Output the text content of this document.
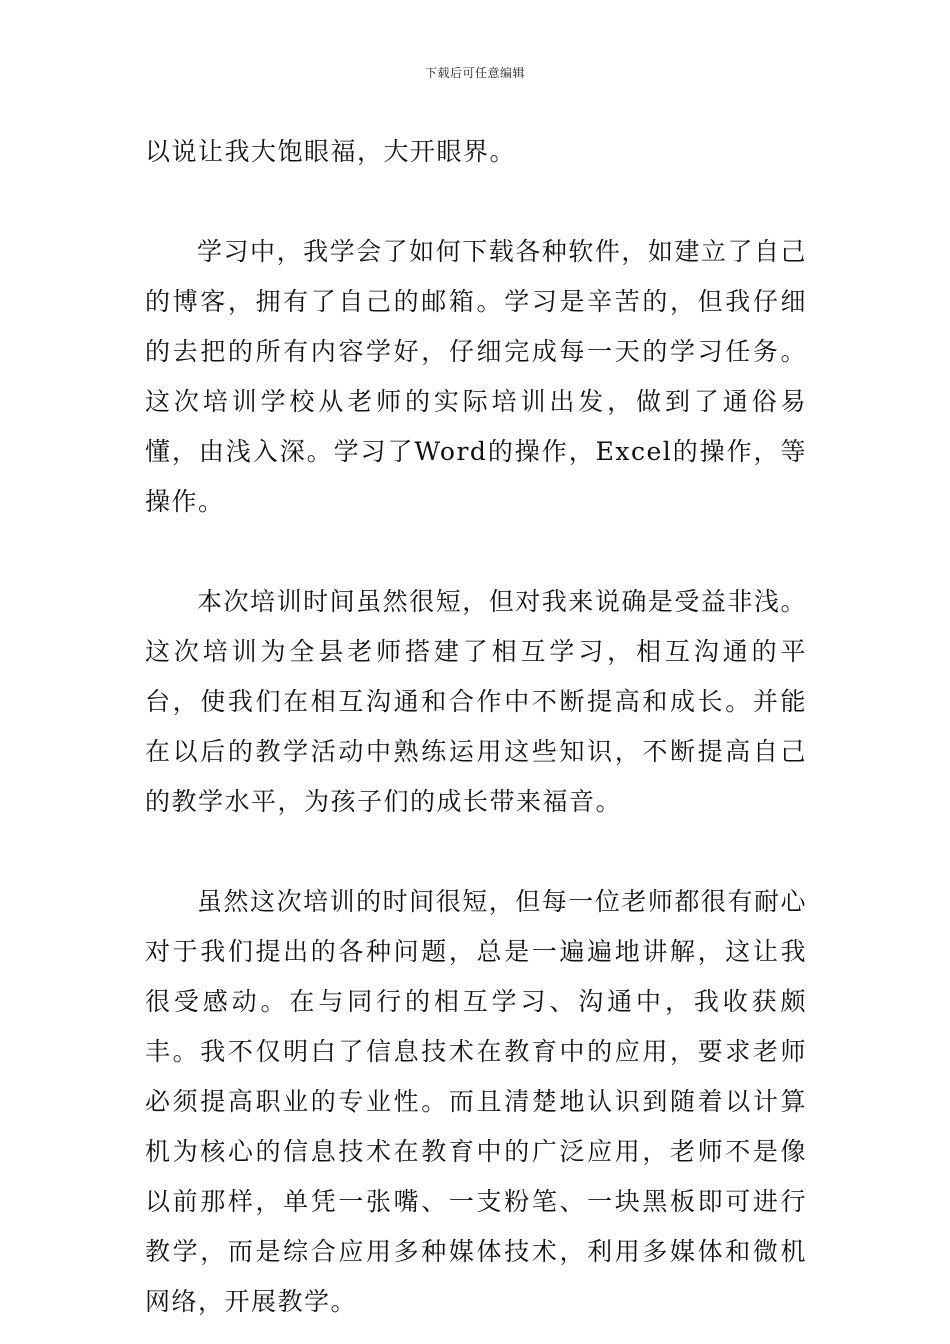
下载后可任意编辑

以说让我大饱眼福，大开眼界。

学习中，我学会了如何下载各种软件，如建立了自己的博客，拥有了自己的邮箱。学习是辛苦的，但我仔细的去把的所有内容学好，仔细完成每一天的学习任务。这次培训学校从老师的实际培训出发，做到了通俗易懂，由浅入深。学习了Word的操作，Excel的操作，等操作。

本次培训时间虽然很短，但对我来说确是受益非浅。这次培训为全县老师搭建了相互学习，相互沟通的平台，使我们在相互沟通和合作中不断提高和成长。并能在以后的教学活动中熟练运用这些知识，不断提高自己的教学水平，为孩子们的成长带来福音。

虽然这次培训的时间很短，但每一位老师都很有耐心对于我们提出的各种问题，总是一遍遍地讲解，这让我很受感动。在与同行的相互学习、沟通中，我收获颇丰。我不仅明白了信息技术在教育中的应用，要求老师必须提高职业的专业性。而且清楚地认识到随着以计算机为核心的信息技术在教育中的广泛应用，老师不是像以前那样，单凭一张嘴、一支粉笔、一块黑板即可进行教学，而是综合应用多种媒体技术，利用多媒体和微机网络，开展教学。
